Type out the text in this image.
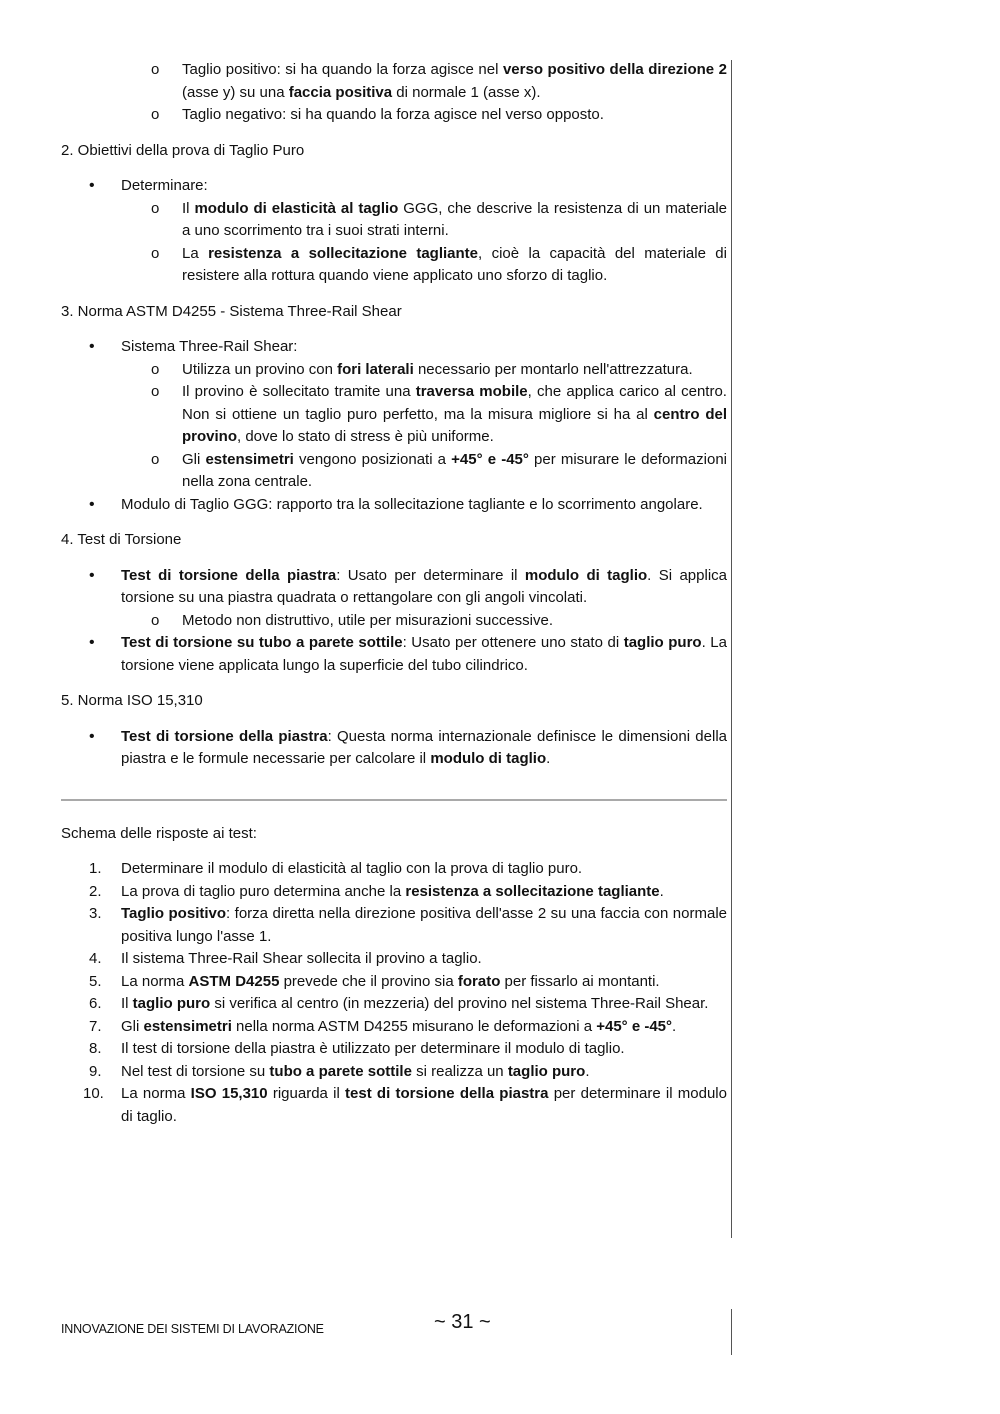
o Taglio positivo: si ha quando la forza agisce nel verso positivo della direzione 2 (asse y) su una faccia positiva di normale 1 (asse x).
o Taglio negativo: si ha quando la forza agisce nel verso opposto.
2. Obiettivi della prova di Taglio Puro
• Determinare:
o Il modulo di elasticità al taglio GGG, che descrive la resistenza di un materiale a uno scorrimento tra i suoi strati interni.
o La resistenza a sollecitazione tagliante, cioè la capacità del materiale di resistere alla rottura quando viene applicato uno sforzo di taglio.
3. Norma ASTM D4255 - Sistema Three-Rail Shear
• Sistema Three-Rail Shear:
o Utilizza un provino con fori laterali necessario per montarlo nell'attrezzatura.
o Il provino è sollecitato tramite una traversa mobile, che applica carico al centro. Non si ottiene un taglio puro perfetto, ma la misura migliore si ha al centro del provino, dove lo stato di stress è più uniforme.
o Gli estensimetri vengono posizionati a +45° e -45° per misurare le deformazioni nella zona centrale.
• Modulo di Taglio GGG: rapporto tra la sollecitazione tagliante e lo scorrimento angolare.
4. Test di Torsione
• Test di torsione della piastra: Usato per determinare il modulo di taglio. Si applica torsione su una piastra quadrata o rettangolare con gli angoli vincolati.
o Metodo non distruttivo, utile per misurazioni successive.
• Test di torsione su tubo a parete sottile: Usato per ottenere uno stato di taglio puro. La torsione viene applicata lungo la superficie del tubo cilindrico.
5. Norma ISO 15,310
• Test di torsione della piastra: Questa norma internazionale definisce le dimensioni della piastra e le formule necessarie per calcolare il modulo di taglio.
Schema delle risposte ai test:
1.	Determinare il modulo di elasticità al taglio con la prova di taglio puro.
2.	La prova di taglio puro determina anche la resistenza a sollecitazione tagliante.
3.	Taglio positivo: forza diretta nella direzione positiva dell'asse 2 su una faccia con normale positiva lungo l'asse 1.
4.	Il sistema Three-Rail Shear sollecita il provino a taglio.
5.	La norma ASTM D4255 prevede che il provino sia forato per fissarlo ai montanti.
6.	Il taglio puro si verifica al centro (in mezzeria) del provino nel sistema Three-Rail Shear.
7.	Gli estensimetri nella norma ASTM D4255 misurano le deformazioni a +45° e -45°.
8.	Il test di torsione della piastra è utilizzato per determinare il modulo di taglio.
9.	Nel test di torsione su tubo a parete sottile si realizza un taglio puro.
10.	La norma ISO 15,310 riguarda il test di torsione della piastra per determinare il modulo di taglio.
INNOVAZIONE DEI SISTEMI DI LAVORAZIONE	~ 31 ~
